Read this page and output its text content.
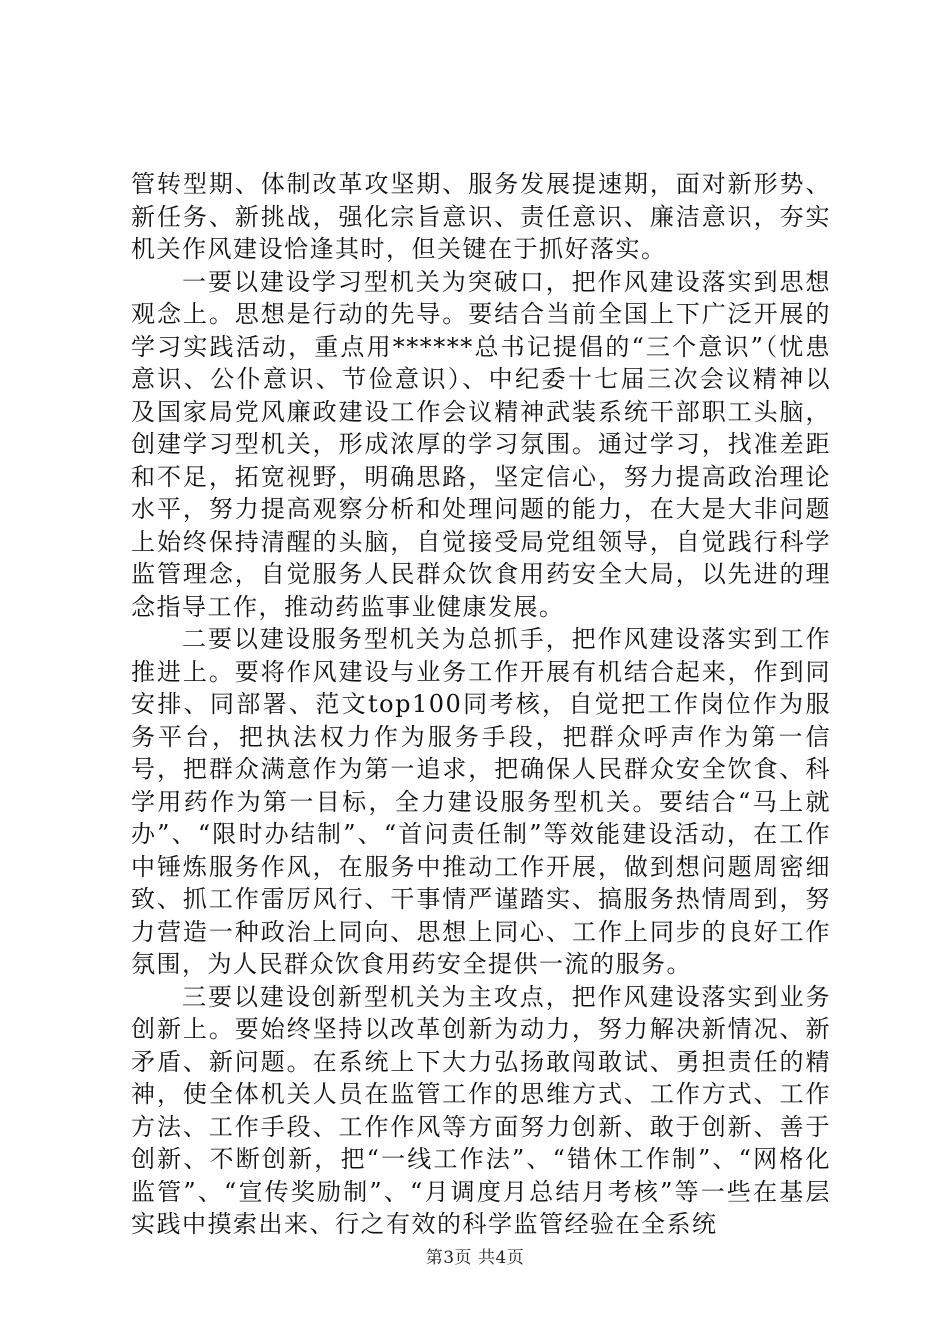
管转型期、体制改革攻坚期、服务发展提速期，面对新形势、新任务、新挑战，强化宗旨意识、责任意识、廉洁意识，夯实机关作风建设恰逢其时，但关键在于抓好落实。

一要以建设学习型机关为突破口，把作风建设落实到思想观念上。思想是行动的先导。要结合当前全国上下广泛开展的学习实践活动，重点用******总书记提倡的“三个意识”（忧患意识、公仆意识、节俭意识）、中纪委十七届三次会议精神以及国家局党风廉政建设工作会议精神武装系统干部职工头脑，创建学习型机关，形成浓厚的学习氛围。通过学习，找准差距和不足，拓宽视野，明确思路，坚定信心，努力提高政治理论水平，努力提高观察分析和处理问题的能力，在大是大非问题上始终保持清醒的头脑，自觉接受局党组领导，自觉践行科学监管理念，自觉服务人民群众饮食用药安全大局，以先进的理念指导工作，推动药监事业健康发展。

二要以建设服务型机关为总抓手，把作风建设落实到工作推进上。要将作风建设与业务工作开展有机结合起来，作到同安排、同部署、范文top100同考核，自觉把工作岗位作为服务平台，把执法权力作为服务手段，把群众呼声作为第一信号，把群众满意作为第一追求，把确保人民群众安全饮食、科学用药作为第一目标，全力建设服务型机关。要结合“马上就办”、“限时办结制”、“首问责任制”等效能建设活动，在工作中锤炼服务作风，在服务中推动工作开展，做到想问题周密细致、抓工作雷厉风行、干事情严谨踏实、搞服务热情周到，努力营造一种政治上同向、思想上同心、工作上同步的良好工作氛围，为人民群众饮食用药安全提供一流的服务。

三要以建设创新型机关为主攻点，把作风建设落实到业务创新上。要始终坚持以改革创新为动力，努力解决新情况、新矛盾、新问题。在系统上下大力弘扬敢闯敢试、勇担责任的精神，使全体机关人员在监管工作的思维方式、工作方式、工作方法、工作手段、工作作风等方面努力创新、敢于创新、善于创新、不断创新，把“一线工作法”、“错休工作制”、“网格化监管”、“宣传奖励制”、“月调度月总结月考核”等一些在基层实践中摸索出来、行之有效的科学监管经验在全系统

第3页 共4页
